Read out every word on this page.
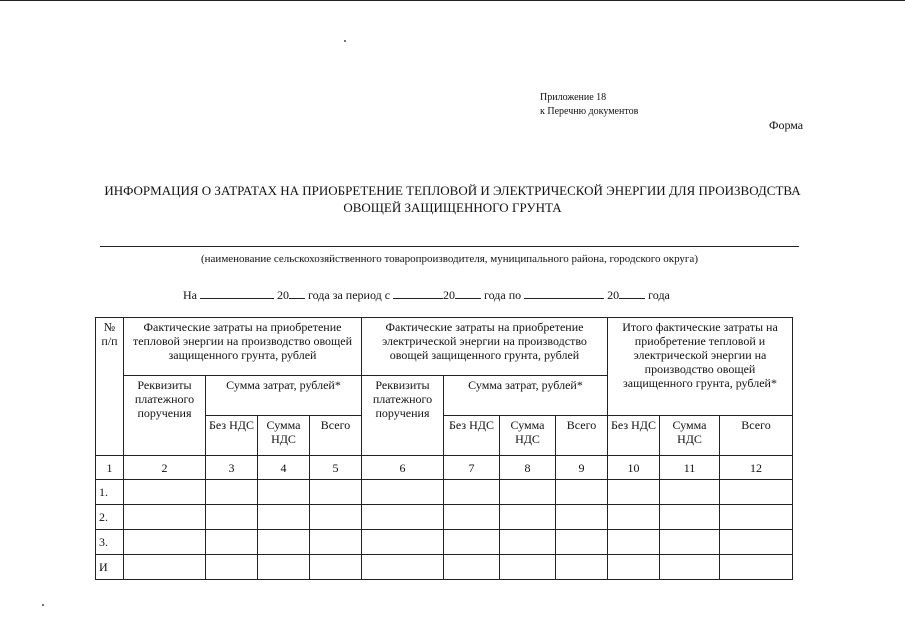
Приложение 18
к Перечню документов
Форма
ИНФОРМАЦИЯ О ЗАТРАТАХ НА ПРИОБРЕТЕНИЕ ТЕПЛОВОЙ И ЭЛЕКТРИЧЕСКОЙ ЭНЕРГИИ ДЛЯ ПРОИЗВОДСТВА
ОВОЩЕЙ ЗАЩИЩЕННОГО ГРУНТА
(наименование сельскохозяйственного товаропроизводителя, муниципального района, городского округа)
На	20 года за период с	20 года по	20 года
№ п/п	Фактические затраты на приобретение тепловой энергии на производство овощей защищенного грунта, рублей				Фактические затраты на приобретение электрической энергии на производство овощей защищенного грунта, рублей				Итого фактические затраты на приобретение тепловой и электрической энергии на производство овощей защищенного грунта, рублей*		
	Реквизиты платежного поручения	Сумма затрат, рублей*			Реквизиты платежного поручения	Сумма затрат, рублей*					
		Без НДС	Сумма НДС	Всего		Без НДС	Сумма НДС	Всего	Без НДС	Сумма НДС	Всего
1	2	3	4	5	6	7	8	9	10	11	12
1.											
2.											
3.											
И											
